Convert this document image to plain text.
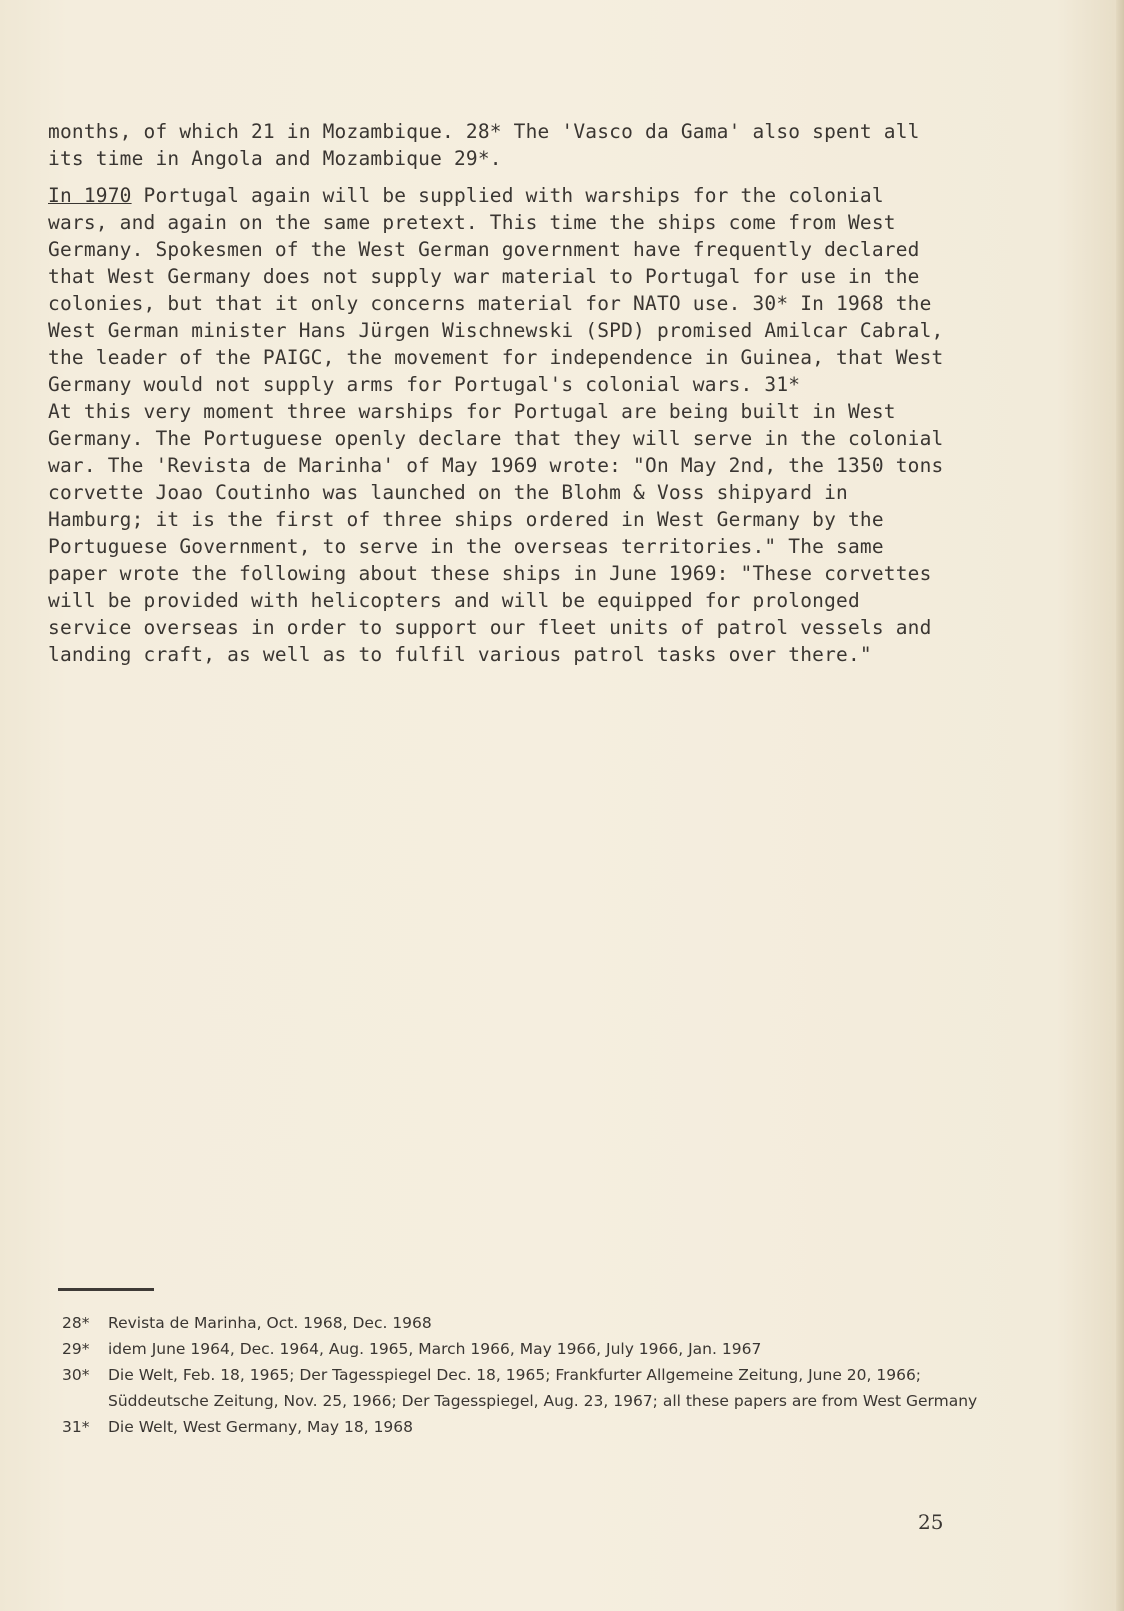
months, of which 21 in Mozambique. 28* The 'Vasco da Gama' also spent all its time in Angola and Mozambique 29*.

In 1970 Portugal again will be supplied with warships for the colonial wars, and again on the same pretext. This time the ships come from West Germany. Spokesmen of the West German government have frequently declared that West Germany does not supply war material to Portugal for use in the colonies, but that it only concerns material for NATO use. 30* In 1968 the West German minister Hans Jürgen Wischnewski (SPD) promised Amilcar Cabral, the leader of the PAIGC, the movement for independence in Guinea, that West Germany would not supply arms for Portugal's colonial wars. 31*

At this very moment three warships for Portugal are being built in West Germany. The Portuguese openly declare that they will serve in the colonial war. The 'Revista de Marinha' of May 1969 wrote: "On May 2nd, the 1350 tons corvette Joao Coutinho was launched on the Blohm & Voss shipyard in Hamburg; it is the first of three ships ordered in West Germany by the Portuguese Government, to serve in the overseas territories." The same paper wrote the following about these ships in June 1969: "These corvettes will be provided with helicopters and will be equipped for prolonged service overseas in order to support our fleet units of patrol vessels and landing craft, as well as to fulfil various patrol tasks over there."

28*	Revista de Marinha, Oct. 1968, Dec. 1968
29*	idem June 1964, Dec. 1964, Aug. 1965, March 1966, May 1966, July 1966, Jan. 1967
30*	Die Welt, Feb. 18, 1965; Der Tagesspiegel Dec. 18, 1965; Frankfurter Allgemeine Zeitung, June 20, 1966; Süddeutsche Zeitung, Nov. 25, 1966; Der Tagesspiegel, Aug. 23, 1967; all these papers are from West Germany
31*	Die Welt, West Germany, May 18, 1968
25
